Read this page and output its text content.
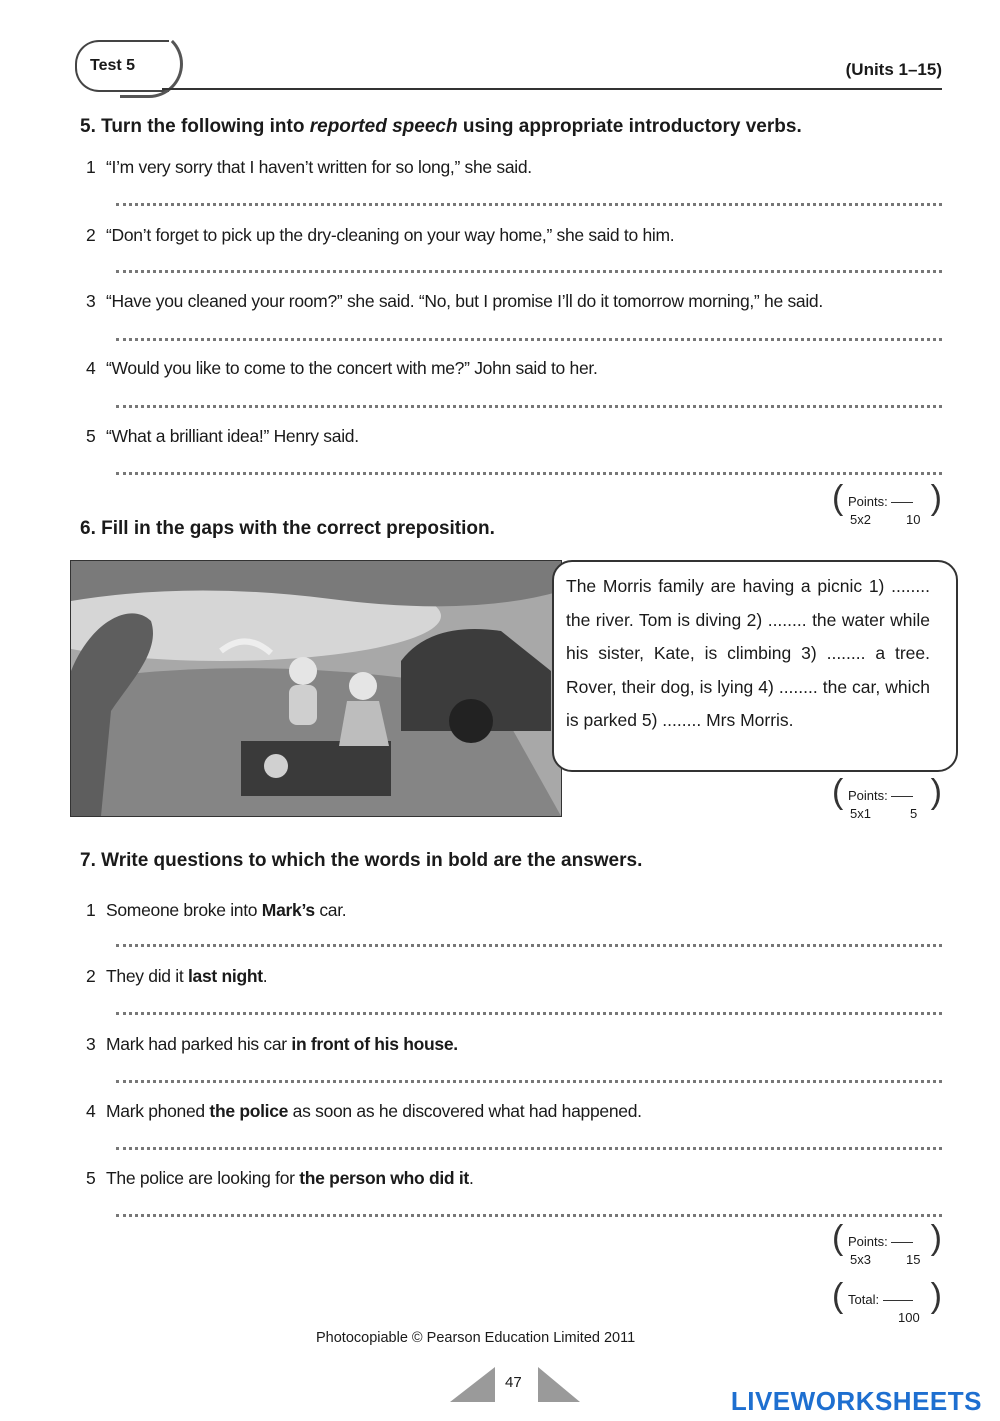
Test 5	(Units 1–15)
5. Turn the following into reported speech using appropriate introductory verbs.
1 “I’m very sorry that I haven’t written for so long,” she said.
2 “Don’t forget to pick up the dry-cleaning on your way home,” she said to him.
3 “Have you cleaned your room?” she said. “No, but I promise I’ll do it tomorrow morning,” he said.
4 “Would you like to come to the concert with me?” John said to her.
5 “What a brilliant idea!” Henry said.
(	)
Points:
5x2	10
6. Fill in the gaps with the correct preposition.
The Morris family are having a picnic 1) ........ the river. Tom is diving 2) ........ the water while his sister, Kate, is climbing 3) ........ a tree. Rover, their dog, is lying 4) ........ the car, which is parked 5) ........ Mrs Morris.
(	)
Points:
5x1	5
7. Write questions to which the words in bold are the answers.
1 Someone broke into Mark’s car.
2 They did it last night.
3 Mark had parked his car in front of his house.
4 Mark phoned the police as soon as he discovered what had happened.
5 The police are looking for the person who did it.
(	)
Points:
5x3	15
(	)
Total:
100
Photocopiable © Pearson Education Limited 2011
47
LIVEWORKSHEETS
